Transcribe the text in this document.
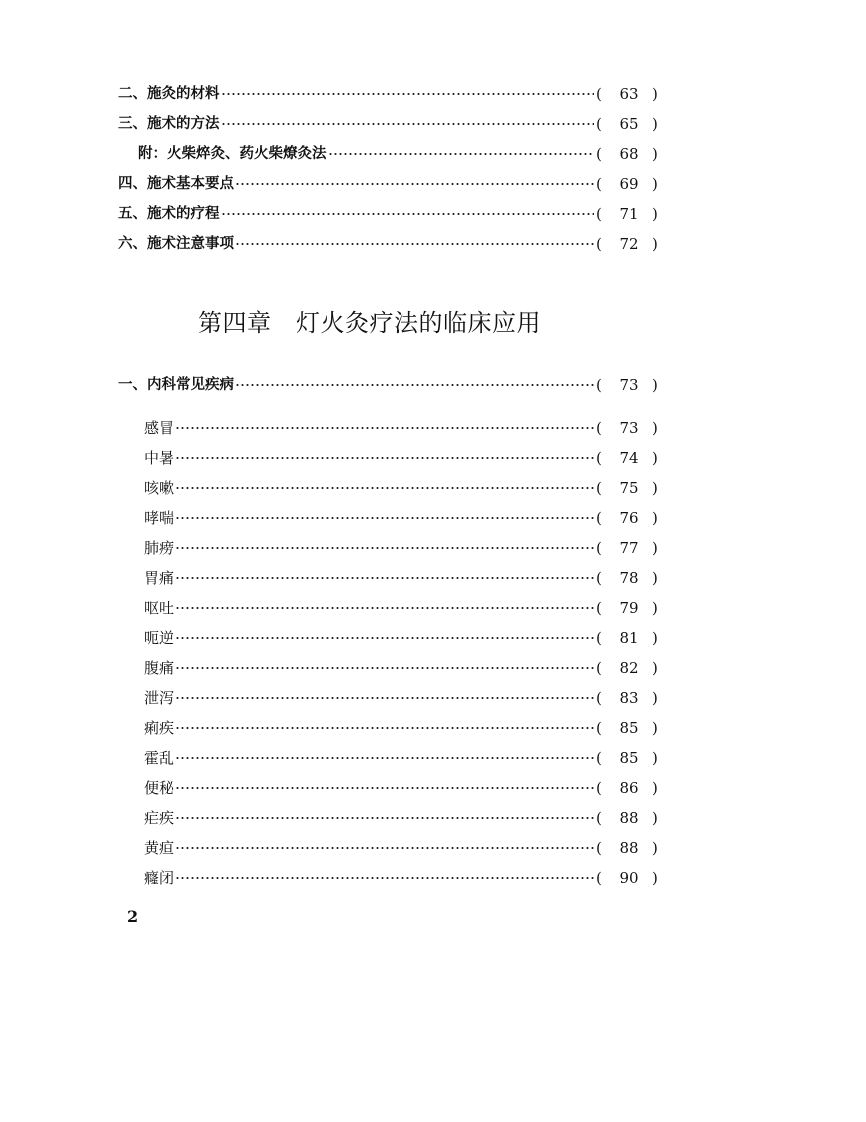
二、施灸的材料	(	63 )
三、施术的方法	(	65 )
附：火柴焠灸、药火柴燎灸法	(	68 )
四、施术基本要点	(	69 )
五、施术的疗程	(	71 )
六、施术注意事项	(	72 )
一、内科常见疾病	(	73 )
感冒	(	73 )
中暑	(	74 )
咳嗽	(	75 )
哮喘	(	76 )
肺痨	(	77 )
胃痛	(	78 )
呕吐	(	79 )
呃逆	(	81 )
腹痛	(	82 )
泄泻	(	83 )
痢疾	(	85 )
霍乱	(	85 )
便秘	(	86 )
疟疾	(	88 )
黄疸	(	88 )
癃闭	(	90 )
第四章　灯火灸疗法的临床应用
2
